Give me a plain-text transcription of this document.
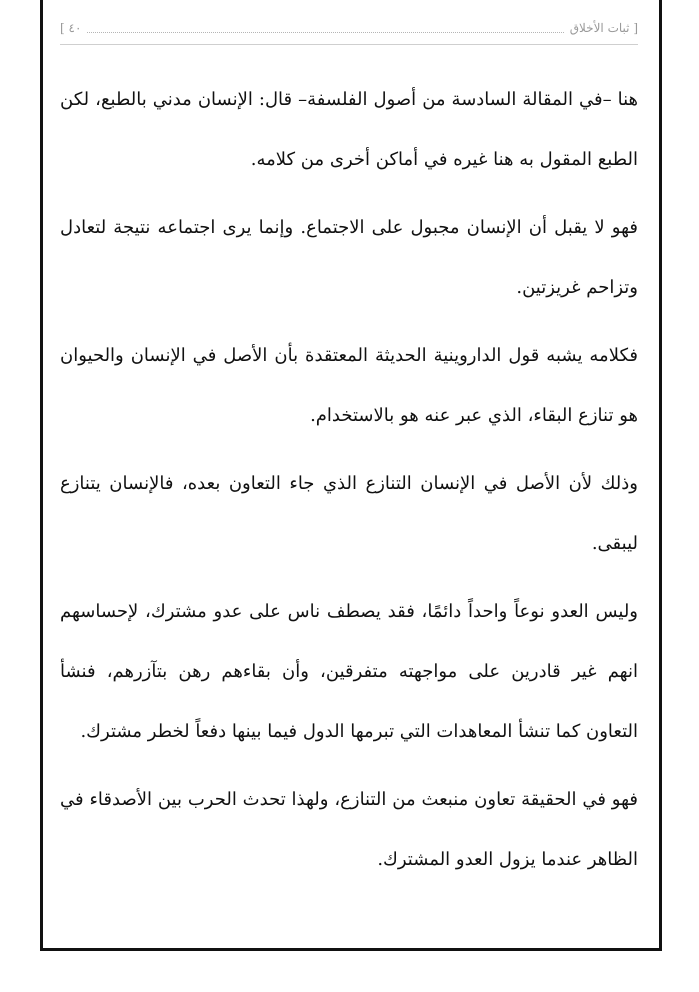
[ ثبات الأخلاق
٤٠ ]

هنا –في المقالة السادسة من أصول الفلسفة– قال: الإنسان مدني بالطبع، لكن الطبع المقول به هنا غيره في أماكن أخرى من كلامه.

فهو لا يقبل أن الإنسان مجبول على الاجتماع. وإنما يرى اجتماعه نتيجة لتعادل وتزاحم غريزتين.

فكلامه يشبه قول الداروينية الحديثة المعتقدة بأن الأصل في الإنسان والحيوان هو تنازع البقاء، الذي عبر عنه هو بالاستخدام.

وذلك لأن الأصل في الإنسان التنازع الذي جاء التعاون بعده، فالإنسان يتنازع ليبقى.

وليس العدو نوعاً واحداً دائمًا، فقد يصطف ناس على عدو مشترك، لإحساسهم انهم غير قادرين على مواجهته متفرقين، وأن بقاءهم رهن بتآزرهم، فنشأ التعاون كما تنشأ المعاهدات التي تبرمها الدول فيما بينها دفعاً لخطر مشترك.

فهو في الحقيقة تعاون منبعث من التنازع، ولهذا تحدث الحرب بين الأصدقاء في الظاهر عندما يزول العدو المشترك.
